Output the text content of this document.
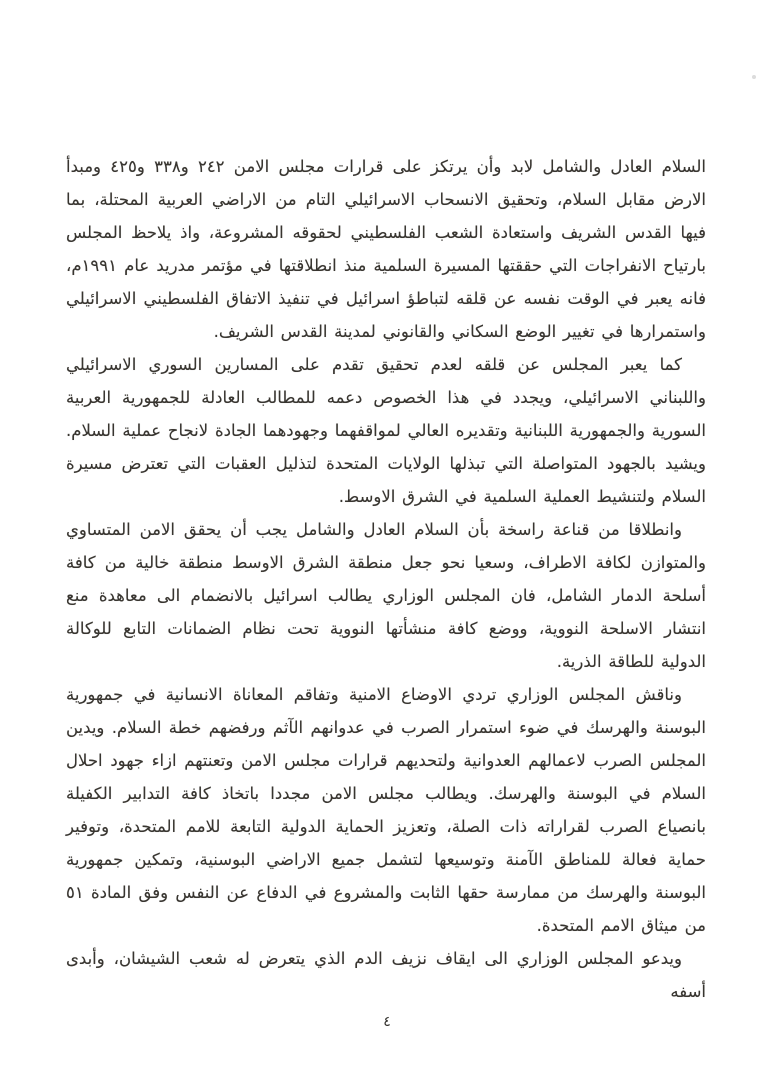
السلام العادل والشامل لابد وأن يرتكز على قرارات مجلس الامن ٢٤٢ و٣٣٨ و٤٢٥ ومبدأ الارض مقابل السلام، وتحقيق الانسحاب الاسرائيلي التام من الاراضي العربية المحتلة، بما فيها القدس الشريف واستعادة الشعب الفلسطيني لحقوقه المشروعة، واذ يلاحظ المجلس بارتياح الانفراجات التي حققتها المسيرة السلمية منذ انطلاقتها في مؤتمر مدريد عام ١٩٩١م، فانه يعبر في الوقت نفسه عن قلقه لتباطؤ اسرائيل في تنفيذ الاتفاق الفلسطيني الاسرائيلي واستمرارها في تغيير الوضع السكاني والقانوني لمدينة القدس الشريف.

كما يعبر المجلس عن قلقه لعدم تحقيق تقدم على المسارين السوري الاسرائيلي واللبناني الاسرائيلي، ويجدد في هذا الخصوص دعمه للمطالب العادلة للجمهورية العربية السورية والجمهورية اللبنانية وتقديره العالي لمواقفهما وجهودهما الجادة لانجاح عملية السلام. ويشيد بالجهود المتواصلة التي تبذلها الولايات المتحدة لتذليل العقبات التي تعترض مسيرة السلام ولتنشيط العملية السلمية في الشرق الاوسط.

وانطلاقا من قناعة راسخة بأن السلام العادل والشامل يجب أن يحقق الامن المتساوي والمتوازن لكافة الاطراف، وسعيا نحو جعل منطقة الشرق الاوسط منطقة خالية من كافة أسلحة الدمار الشامل، فان المجلس الوزاري يطالب اسرائيل بالانضمام الى معاهدة منع انتشار الاسلحة النووية، ووضع كافة منشأتها النووية تحت نظام الضمانات التابع للوكالة الدولية للطاقة الذرية.

وناقش المجلس الوزاري تردي الاوضاع الامنية وتفاقم المعاناة الانسانية في جمهورية البوسنة والهرسك في ضوء استمرار الصرب في عدوانهم الآثم ورفضهم خطة السلام. ويدين المجلس الصرب لاعمالهم العدوانية ولتحديهم قرارات مجلس الامن وتعنتهم ازاء جهود احلال السلام في البوسنة والهرسك. ويطالب مجلس الامن مجددا باتخاذ كافة التدابير الكفيلة بانصياع الصرب لقراراته ذات الصلة، وتعزيز الحماية الدولية التابعة للامم المتحدة، وتوفير حماية فعالة للمناطق الآمنة وتوسيعها لتشمل جميع الاراضي البوسنية، وتمكين جمهورية البوسنة والهرسك من ممارسة حقها الثابت والمشروع في الدفاع عن النفس وفق المادة ٥١ من ميثاق الامم المتحدة.

ويدعو المجلس الوزاري الى ايقاف نزيف الدم الذي يتعرض له شعب الشيشان، وأبدى أسفه

٤
